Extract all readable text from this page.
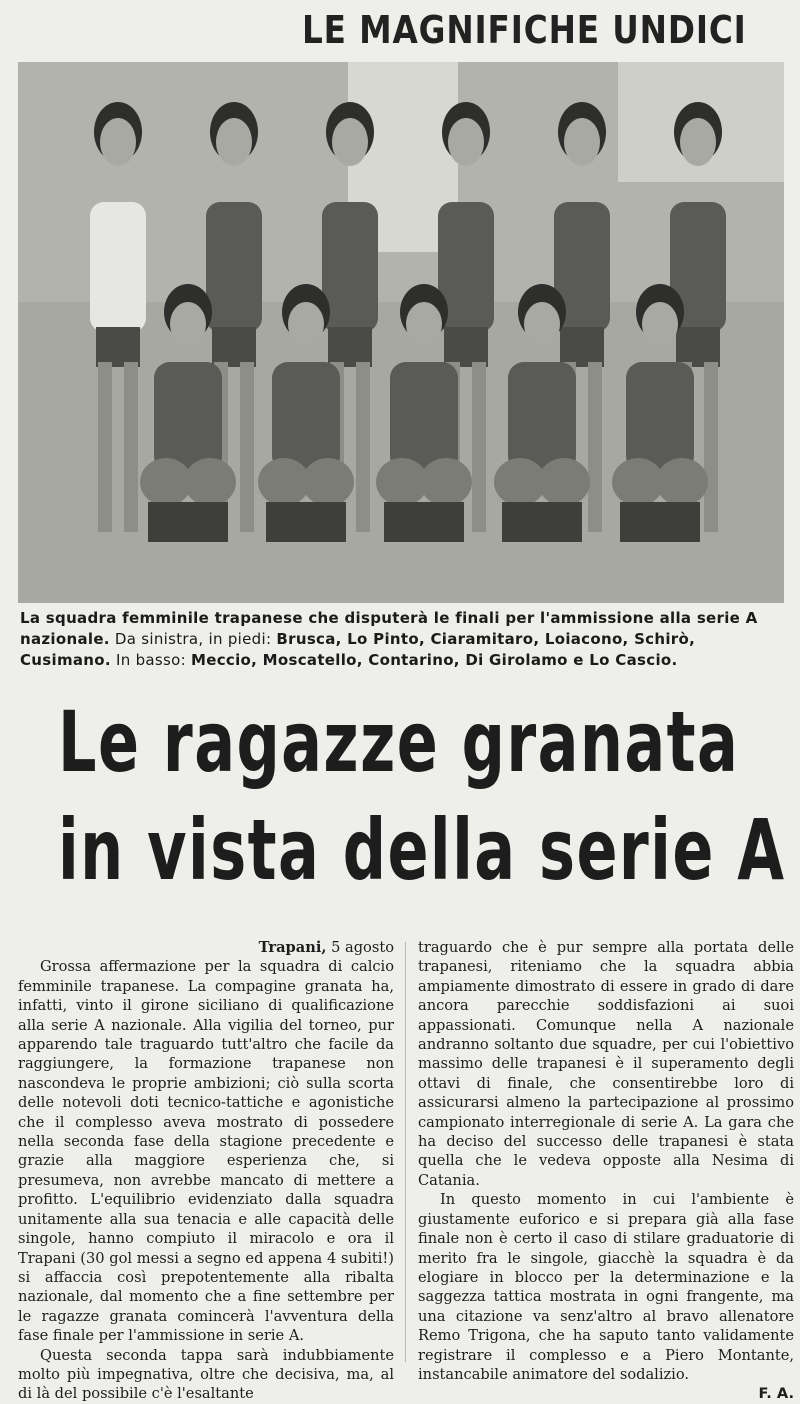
LE MAGNIFICHE UNDICI
La squadra femminile trapanese che disputerà le finali per l'ammissione alla serie A nazionale. Da sinistra, in piedi: Brusca, Lo Pinto, Ciaramitaro, Loiacono, Schirò, Cusimano. In basso: Meccio, Moscatello, Contarino, Di Girolamo e Lo Cascio.
Le ragazze granata
in vista della serie A

Trapani, 5 agosto

Grossa affermazione per la squadra di calcio femminile trapanese. La compagine granata ha, infatti, vinto il girone siciliano di qualificazione alla serie A nazionale. Alla vigilia del torneo, pur apparendo tale traguardo tutt'altro che facile da raggiungere, la formazione trapanese non nascondeva le proprie ambizioni; ciò sulla scorta delle notevoli doti tecnico-tattiche e agonistiche che il complesso aveva mostrato di possedere nella seconda fase della stagione precedente e grazie alla maggiore esperienza che, si presumeva, non avrebbe mancato di mettere a profitto. L'equilibrio evidenziato dalla squadra unitamente alla sua tenacia e alle capacità delle singole, hanno compiuto il miracolo e ora il Trapani (30 gol messi a segno ed appena 4 subiti!) si affaccia così prepotentemente alla ribalta nazionale, dal momento che a fine settembre per le ragazze granata comincerà l'avventura della fase finale per l'ammissione in serie A.

Questa seconda tappa sarà indubbiamente molto più impegnativa, oltre che decisiva, ma, al di là del possibile c'è l'esaltante

traguardo che è pur sempre alla portata delle trapanesi, riteniamo che la squadra abbia ampiamente dimostrato di essere in grado di dare ancora parecchie soddisfazioni ai suoi appassionati. Comunque nella A nazionale andranno soltanto due squadre, per cui l'obiettivo massimo delle trapanesi è il superamento degli ottavi di finale, che consentirebbe loro di assicurarsi almeno la partecipazione al prossimo campionato interregionale di serie A. La gara che ha deciso del successo delle trapanesi è stata quella che le vedeva opposte alla Nesima di Catania.

In questo momento in cui l'ambiente è giustamente euforico e si prepara già alla fase finale non è certo il caso di stilare graduatorie di merito fra le singole, giacchè la squadra è da elogiare in blocco per la determinazione e la saggezza tattica mostrata in ogni frangente, ma una citazione va senz'altro al bravo allenatore Remo Trigona, che ha saputo tanto validamente registrare il complesso e a Piero Montante, instancabile animatore del sodalizio.

F. A.
